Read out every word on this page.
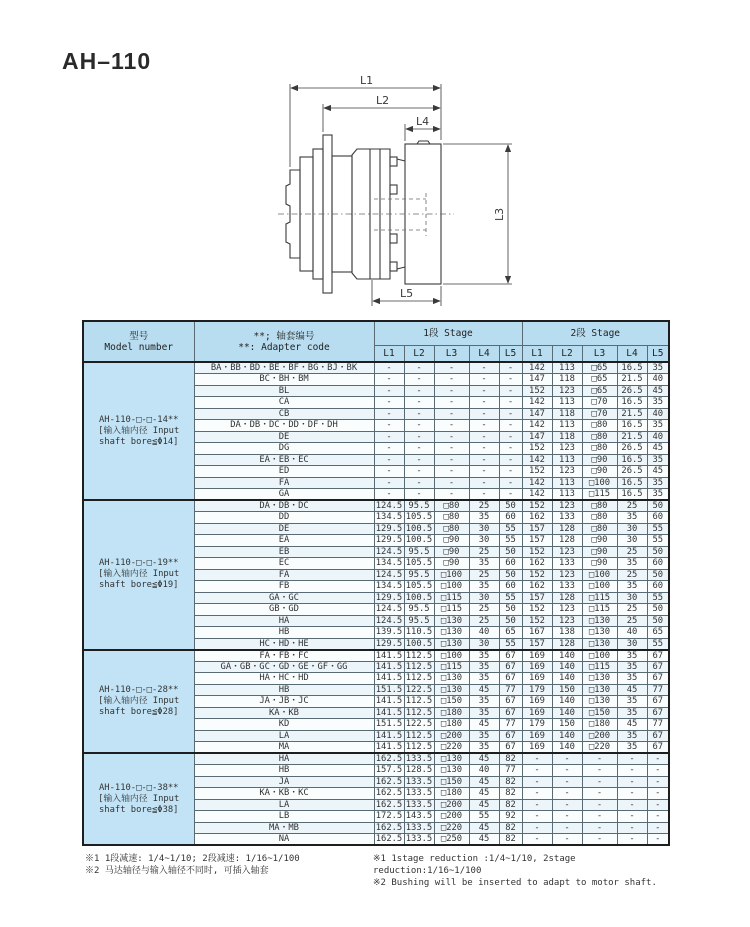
AH–110
L1
L2
L4
L3
L5
型号
Model number

**; 轴套编号
**: Adapter code
	1段 Stage	2段 Stage
		L1	L2	L3	L4	L5	L1	L2	L3	L4	L5

AH-110-□-□-14**
[输入轴内径 Input
shaft bore≦Φ14]	BA・BB・BD・BE・BF・BG・BJ・BK	-	-	-	-	-	142	113	□65	16.5	35
	BC・BH・BM	-	-	-	-	-	147	118	□65	21.5	40
	BL	-	-	-	-	-	152	123	□65	26.5	45
	CA	-	-	-	-	-	142	113	□70	16.5	35
	CB	-	-	-	-	-	147	118	□70	21.5	40
	DA・DB・DC・DD・DF・DH	-	-	-	-	-	142	113	□80	16.5	35
	DE	-	-	-	-	-	147	118	□80	21.5	40
	DG	-	-	-	-	-	152	123	□80	26.5	45
	EA・EB・EC	-	-	-	-	-	142	113	□90	16.5	35
	ED	-	-	-	-	-	152	123	□90	26.5	45
	FA	-	-	-	-	-	142	113	□100	16.5	35
	GA	-	-	-	-	-	142	113	□115	16.5	35

AH-110-□-□-19**
[输入轴内径 Input
shaft bore≦Φ19]	DA・DB・DC	124.5	95.5	□80	25	50	152	123	□80	25	50
	DD	134.5	105.5	□80	35	60	162	133	□80	35	60
	DE	129.5	100.5	□80	30	55	157	128	□80	30	55
	EA	129.5	100.5	□90	30	55	157	128	□90	30	55
	EB	124.5	95.5	□90	25	50	152	123	□90	25	50
	EC	134.5	105.5	□90	35	60	162	133	□90	35	60
	FA	124.5	95.5	□100	25	50	152	123	□100	25	50
	FB	134.5	105.5	□100	35	60	162	133	□100	35	60
	GA・GC	129.5	100.5	□115	30	55	157	128	□115	30	55
	GB・GD	124.5	95.5	□115	25	50	152	123	□115	25	50
	HA	124.5	95.5	□130	25	50	152	123	□130	25	50
	HB	139.5	110.5	□130	40	65	167	138	□130	40	65
	HC・HD・HE	129.5	100.5	□130	30	55	157	128	□130	30	55

AH-110-□-□-28**
[输入轴内径 Input
shaft bore≦Φ28]	FA・FB・FC	141.5	112.5	□100	35	67	169	140	□100	35	67
	GA・GB・GC・GD・GE・GF・GG	141.5	112.5	□115	35	67	169	140	□115	35	67
	HA・HC・HD	141.5	112.5	□130	35	67	169	140	□130	35	67
	HB	151.5	122.5	□130	45	77	179	150	□130	45	77
	JA・JB・JC	141.5	112.5	□150	35	67	169	140	□130	35	67
	KA・KB	141.5	112.5	□180	35	67	169	140	□150	35	67
	KD	151.5	122.5	□180	45	77	179	150	□180	45	77
	LA	141.5	112.5	□200	35	67	169	140	□200	35	67
	MA	141.5	112.5	□220	35	67	169	140	□220	35	67

AH-110-□-□-38**
[输入轴内径 Input
shaft bore≦Φ38]	HA	162.5	133.5	□130	45	82	-	-	-	-	-
	HB	157.5	128.5	□130	40	77	-	-	-	-	-
	JA	162.5	133.5	□150	45	82	-	-	-	-	-
	KA・KB・KC	162.5	133.5	□180	45	82	-	-	-	-	-
	LA	162.5	133.5	□200	45	82	-	-	-	-	-
	LB	172.5	143.5	□200	55	92	-	-	-	-	-
	MA・MB	162.5	133.5	□220	45	82	-	-	-	-	-
	NA	162.5	133.5	□250	45	82	-	-	-	-	-
※1 1段减速: 1/4~1/10; 2段减速: 1/16~1/100
※2 马达轴径与输入轴径不同时, 可插入轴套
※1 1stage reduction :1/4~1/10, 2stage reduction:1/16~1/100
※2 Bushing will be inserted to adapt to motor shaft.
